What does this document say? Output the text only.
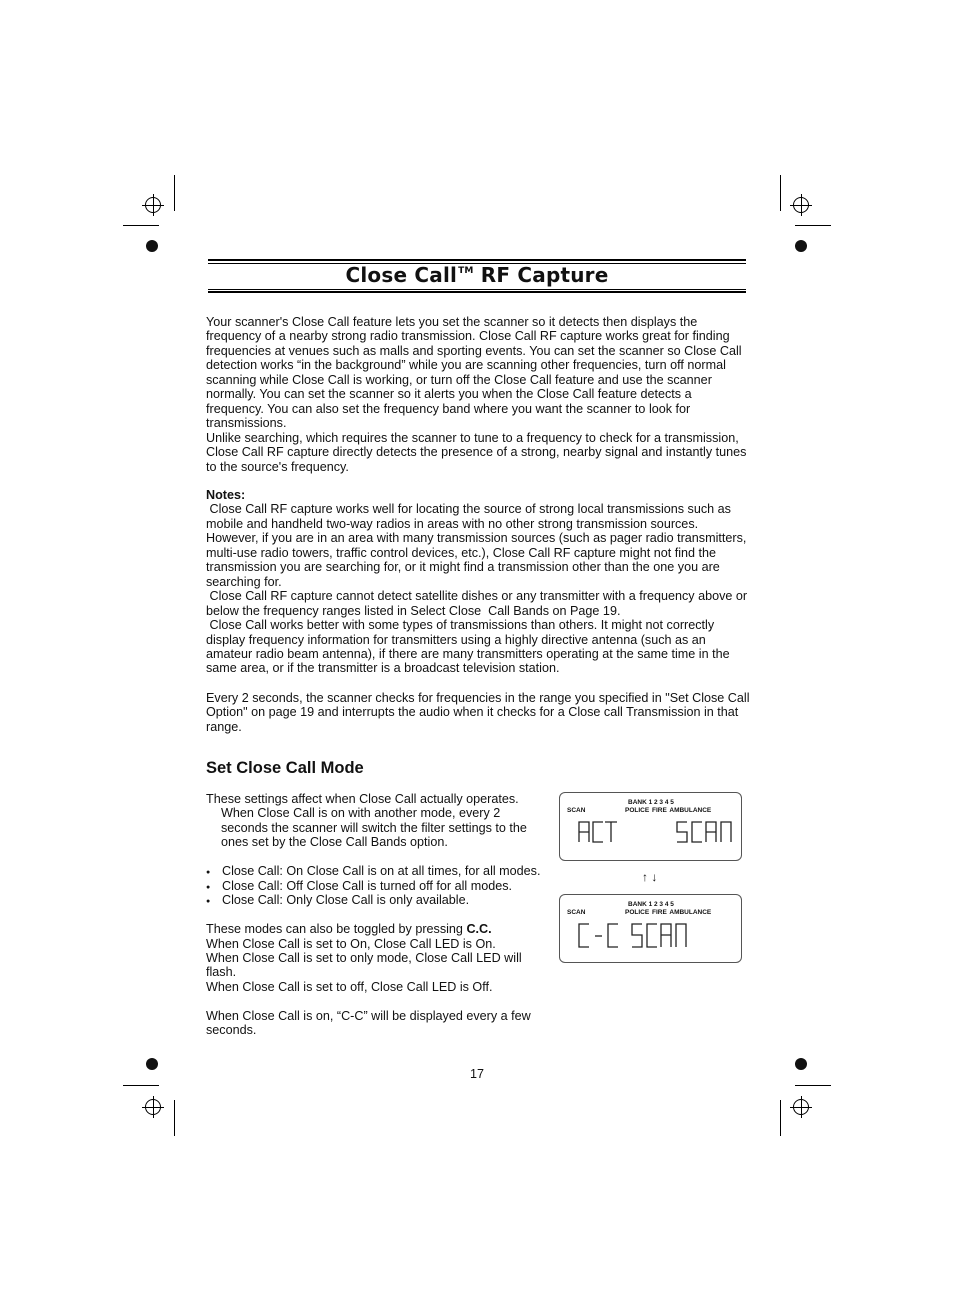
Close Call™ RF Capture

Your scanner's Close Call feature lets you set the scanner so it detects then displays the frequency of a nearby strong radio transmission. Close Call RF capture works great for finding frequencies at venues such as malls and sporting events. You can set the scanner so Close Call detection works “in the background” while you are scanning other frequencies, turn off normal scanning while Close Call is working, or turn off the Close Call feature and use the scanner normally. You can set the scanner so it alerts you when the Close Call feature detects a frequency. You can also set the frequency band where you want the scanner to look for transmissions.

Unlike searching, which requires the scanner to tune to a frequency to check for a transmission, Close Call RF capture directly detects the presence of a strong, nearby signal and instantly tunes to the source's frequency.

Notes:

Close Call RF capture works well for locating the source of strong local transmissions such as mobile and handheld two-way radios in areas with no other strong transmission sources. However, if you are in an area with many transmission sources (such as pager radio transmitters, multi-use radio towers, traffic control devices, etc.), Close Call RF capture might not find the transmission you are searching for, or it might find a transmission other than the one you are searching for.

Close Call RF capture cannot detect satellite dishes or any transmitter with a frequency above or below the frequency ranges listed in Select Close  Call Bands on Page 19.

Close Call works better with some types of transmissions than others. It might not correctly display frequency information for transmitters using a highly directive antenna (such as an amateur radio beam antenna), if there are many transmitters operating at the same time in the same area, or if the transmitter is a broadcast television station.

Every 2 seconds, the scanner checks for frequencies in the range you specified in "Set Close Call Option" on page 19 and interrupts the audio when it checks for a Close call Transmission in that range.

Set Close Call Mode

These settings affect when Close Call actually operates.

When Close Call is on with another mode, every 2 seconds the scanner will switch the filter settings to the ones set by the Close Call Bands option.

● Close Call: On Close Call is on at all times, for all modes.

● Close Call: Off Close Call is turned off for all modes.

● Close Call: Only Close Call is only available.

These modes can also be toggled by pressing C.C.

When Close Call is set to On, Close Call LED is On.

When Close Call is set to only mode, Close Call LED will flash.

When Close Call is set to off, Close Call LED is Off.

When Close Call is on, “C-C” will be displayed every a few seconds.

BANK 1 2 3 4 5
SCAN	POLICE FIRE AMBULANCE
↑ ↓
BANK 1 2 3 4 5
SCAN	POLICE FIRE AMBULANCE
17
